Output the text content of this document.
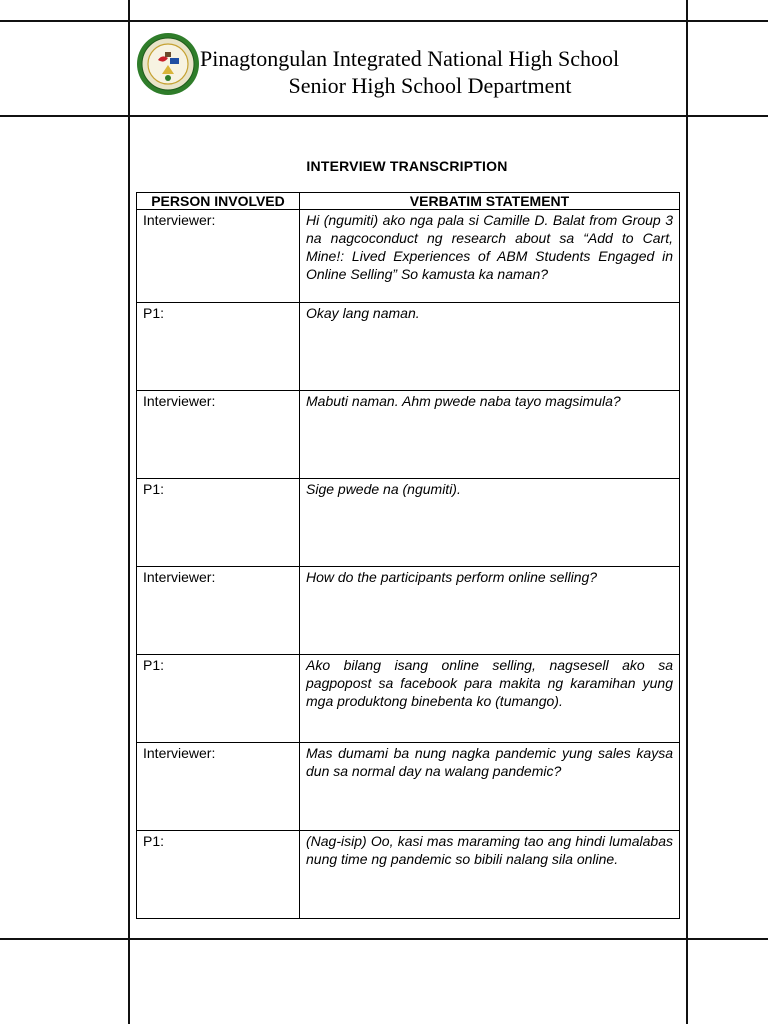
Pinagtongulan Integrated National High School
Senior High School Department
INTERVIEW TRANSCRIPTION
PERSON INVOLVED	VERBATIM STATEMENT
Interviewer:	Hi (ngumiti) ako nga pala si Camille D. Balat from Group 3 na nagcoconduct ng research about sa “Add to Cart, Mine!: Lived Experiences of ABM Students Engaged in Online Selling” So kamusta ka naman?
P1:	Okay lang naman.
Interviewer:	Mabuti naman. Ahm pwede naba tayo magsimula?
P1:	Sige pwede na (ngumiti).
Interviewer:	How do the participants perform online selling?
P1:	Ako bilang isang online selling, nagsesell ako sa pagpopost sa facebook para makita ng karamihan yung mga produktong binebenta ko (tumango).
Interviewer:	Mas dumami ba nung nagka pandemic yung sales kaysa dun sa normal day na walang pandemic?
P1:	(Nag-isip) Oo, kasi mas maraming tao ang hindi lumalabas nung time ng pandemic so bibili nalang sila online.
